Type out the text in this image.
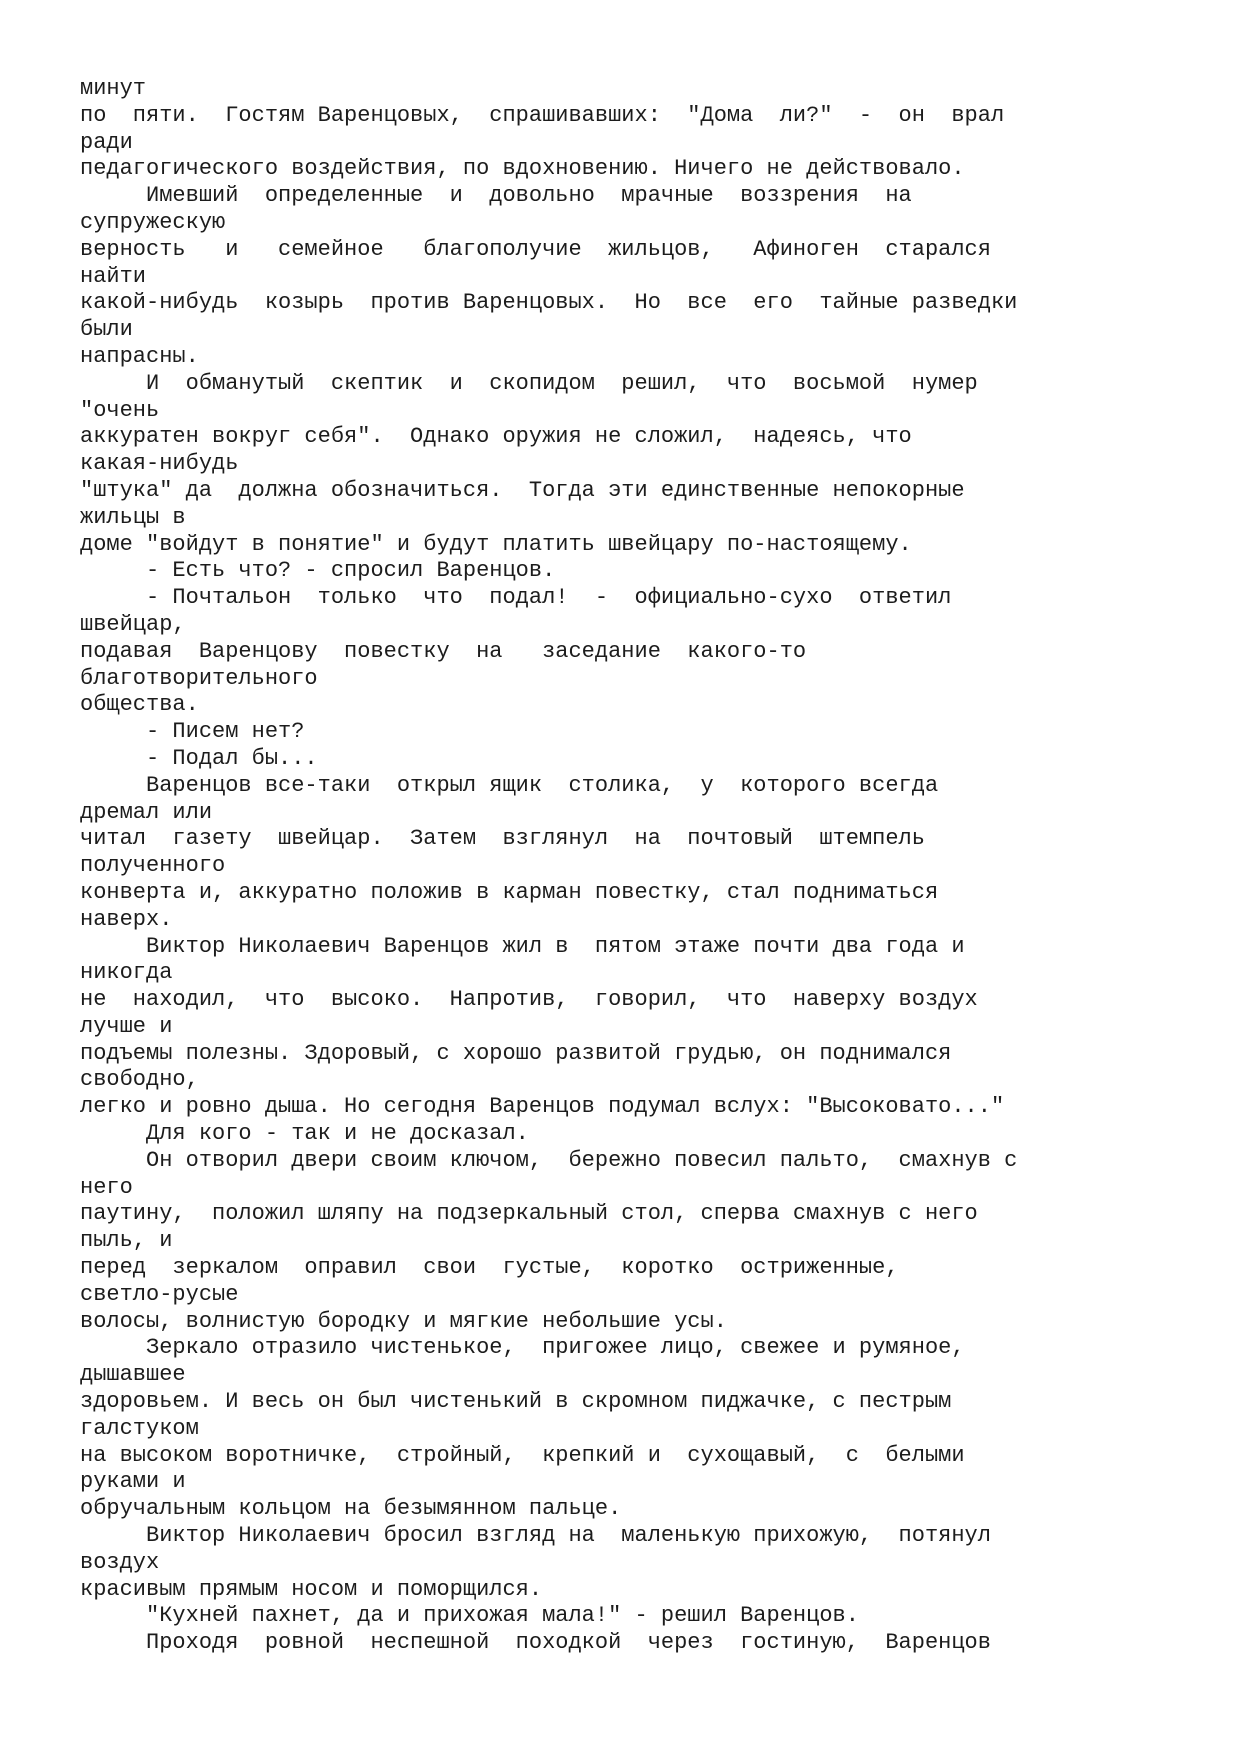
минут
по  пяти.  Гостям Варенцовых,  спрашивавших:  "Дома  ли?"  -  он  врал
ради
педагогического воздействия, по вдохновению. Ничего не действовало.
Имевший  определенные  и  довольно  мрачные  воззрения  на
супружескую
верность   и   семейное   благополучие  жильцов,   Афиноген  старался
найти
какой-нибудь  козырь  против Варенцовых.  Но  все  его  тайные разведки
были
напрасны.
И  обманутый  скептик  и  скопидом  решил,  что  восьмой  нумер
"очень
аккуратен вокруг себя".  Однако оружия не сложил,  надеясь, что
какая-нибудь
"штука" да  должна обозначиться.  Тогда эти единственные непокорные
жильцы в
доме "войдут в понятие" и будут платить швейцару по-настоящему.
- Есть что? - спросил Варенцов.
- Почтальон  только  что  подал!  -  официально-сухо  ответил
швейцар,
подавая  Варенцову  повестку  на   заседание  какого-то
благотворительного
общества.
- Писем нет?
- Подал бы...
Варенцов все-таки  открыл ящик  столика,  у  которого всегда
дремал или
читал  газету  швейцар.  Затем  взглянул  на  почтовый  штемпель
полученного
конверта и, аккуратно положив в карман повестку, стал подниматься
наверх.
Виктор Николаевич Варенцов жил в  пятом этаже почти два года и
никогда
не  находил,  что  высоко.  Напротив,  говорил,  что  наверху воздух
лучше и
подъемы полезны. Здоровый, с хорошо развитой грудью, он поднимался
свободно,
легко и ровно дыша. Но сегодня Варенцов подумал вслух: "Высоковато..."
Для кого - так и не досказал.
Он отворил двери своим ключом,  бережно повесил пальто,  смахнув с
него
паутину,  положил шляпу на подзеркальный стол, сперва смахнув с него
пыль, и
перед  зеркалом  оправил  свои  густые,  коротко  остриженные,
светло-русые
волосы, волнистую бородку и мягкие небольшие усы.
Зеркало отразило чистенькое,  пригожее лицо, свежее и румяное,
дышавшее
здоровьем. И весь он был чистенький в скромном пиджачке, с пестрым
галстуком
на высоком воротничке,  стройный,  крепкий и  сухощавый,  с  белыми
руками и
обручальным кольцом на безымянном пальце.
Виктор Николаевич бросил взгляд на  маленькую прихожую,  потянул
воздух
красивым прямым носом и поморщился.
"Кухней пахнет, да и прихожая мала!" - решил Варенцов.
Проходя  ровной  неспешной  походкой  через  гостиную,  Варенцов
